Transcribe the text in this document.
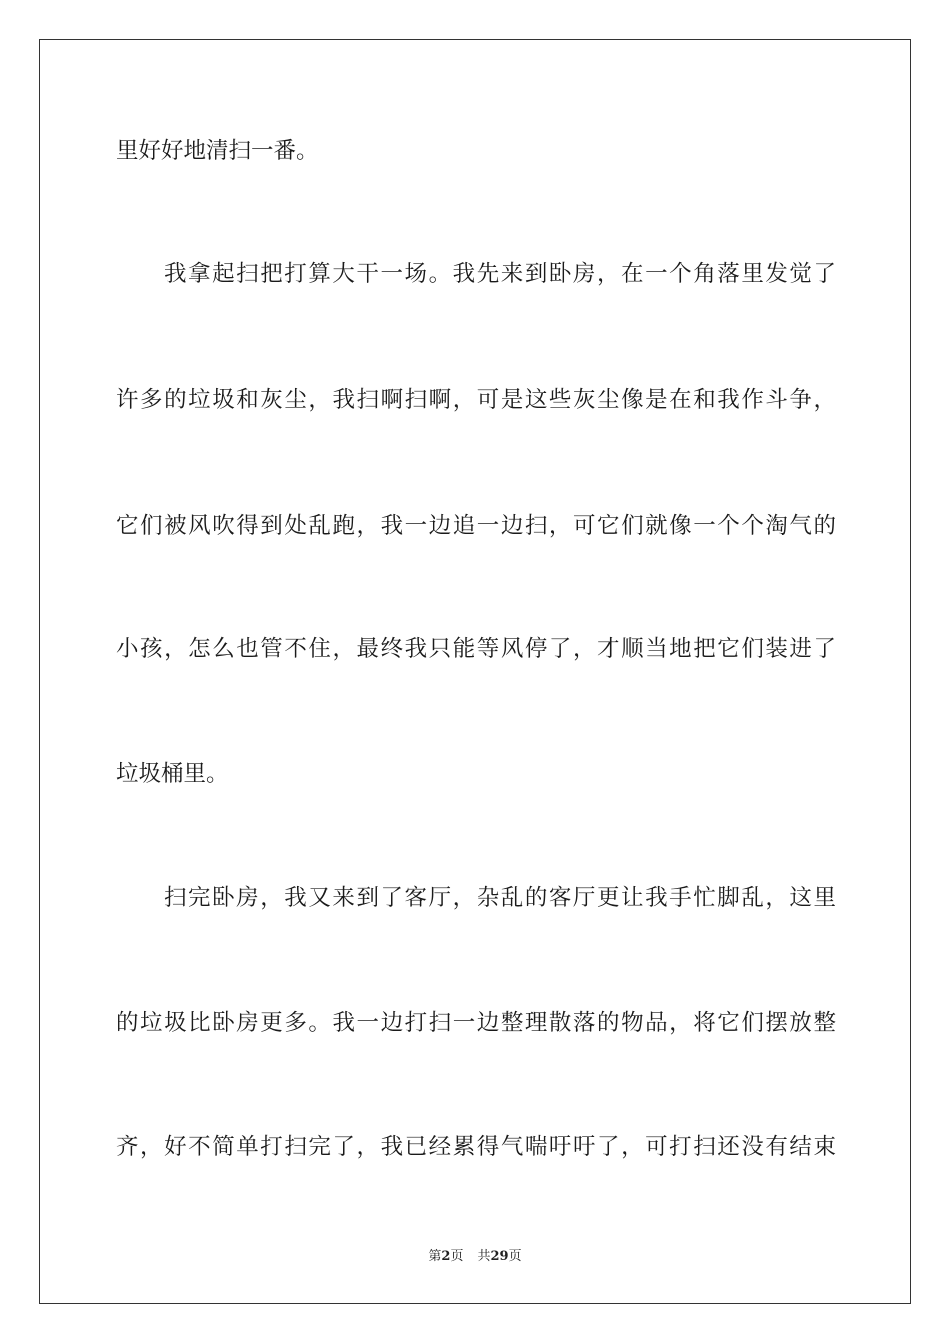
里好好地清扫一番。
我拿起扫把打算大干一场。我先来到卧房，在一个角落里发觉了
许多的垃圾和灰尘，我扫啊扫啊，可是这些灰尘像是在和我作斗争，
它们被风吹得到处乱跑，我一边追一边扫，可它们就像一个个淘气的
小孩，怎么也管不住，最终我只能等风停了，才顺当地把它们装进了
垃圾桶里。
扫完卧房，我又来到了客厅，杂乱的客厅更让我手忙脚乱，这里
的垃圾比卧房更多。我一边打扫一边整理散落的物品，将它们摆放整
齐，好不简单打扫完了，我已经累得气喘吁吁了，可打扫还没有结束
第2页 共29页
